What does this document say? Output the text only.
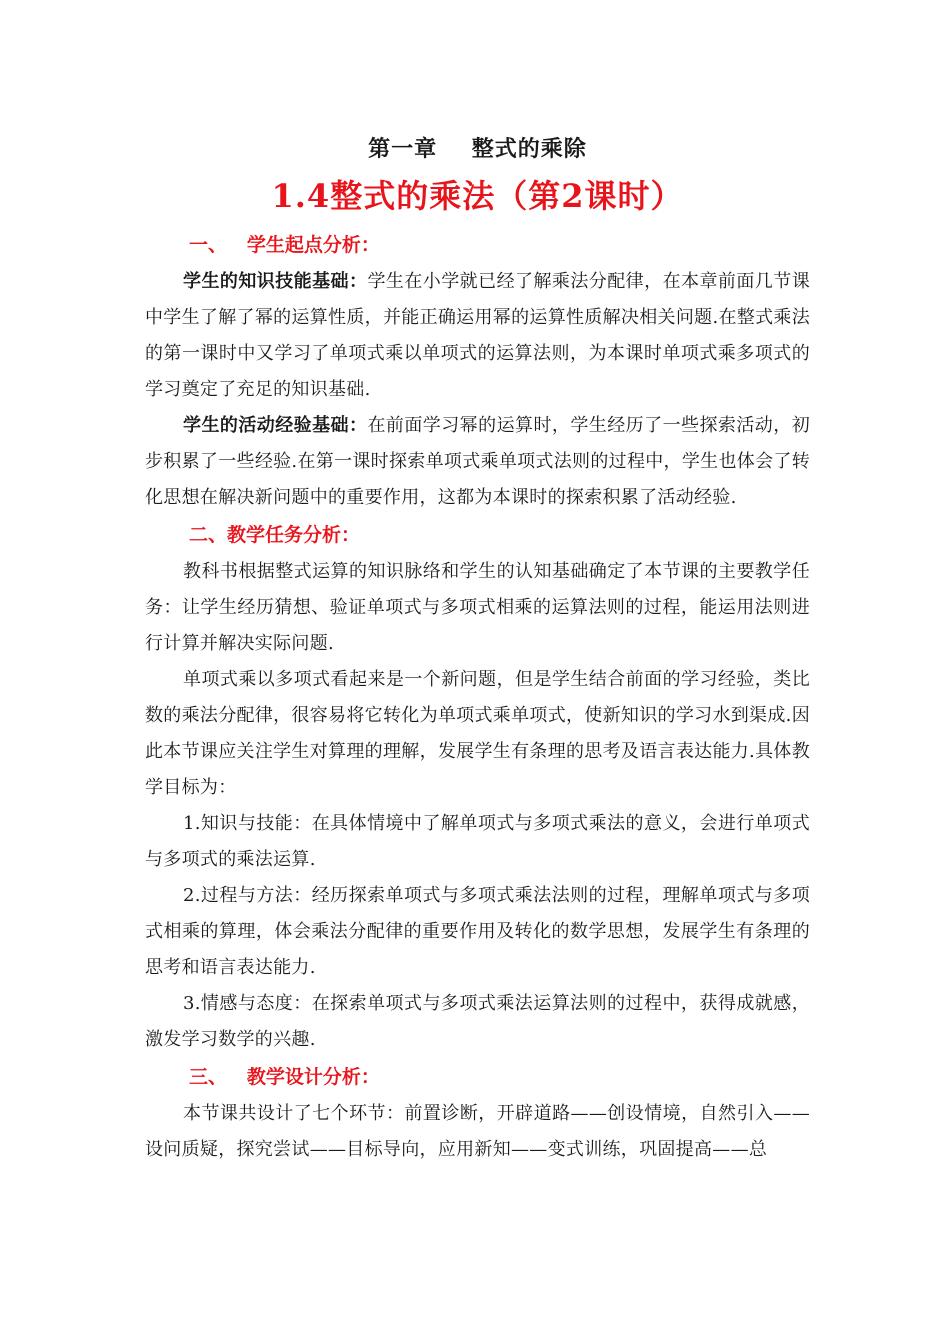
第一章    整式的乘除
1.4整式的乘法（第2课时）
一、   学生起点分析：

学生的知识技能基础：学生在小学就已经了解乘法分配律，在本章前面几节课中学生了解了幂的运算性质，并能正确运用幂的运算性质解决相关问题.在整式乘法的第一课时中又学习了单项式乘以单项式的运算法则，为本课时单项式乘多项式的学习奠定了充足的知识基础.

学生的活动经验基础：在前面学习幂的运算时，学生经历了一些探索活动，初步积累了一些经验.在第一课时探索单项式乘单项式法则的过程中，学生也体会了转化思想在解决新问题中的重要作用，这都为本课时的探索积累了活动经验.

二、教学任务分析：

教科书根据整式运算的知识脉络和学生的认知基础确定了本节课的主要教学任务：让学生经历猜想、验证单项式与多项式相乘的运算法则的过程，能运用法则进行计算并解决实际问题.

单项式乘以多项式看起来是一个新问题，但是学生结合前面的学习经验，类比数的乘法分配律，很容易将它转化为单项式乘单项式，使新知识的学习水到渠成.因此本节课应关注学生对算理的理解，发展学生有条理的思考及语言表达能力.具体教学目标为：

1.知识与技能：在具体情境中了解单项式与多项式乘法的意义，会进行单项式与多项式的乘法运算.

2.过程与方法：经历探索单项式与多项式乘法法则的过程，理解单项式与多项式相乘的算理，体会乘法分配律的重要作用及转化的数学思想，发展学生有条理的思考和语言表达能力.

3.情感与态度：在探索单项式与多项式乘法运算法则的过程中，获得成就感，激发学习数学的兴趣.

三、   教学设计分析：

本节课共设计了七个环节：前置诊断，开辟道路——创设情境，自然引入——设问质疑，探究尝试——目标导向，应用新知——变式训练，巩固提高——总
